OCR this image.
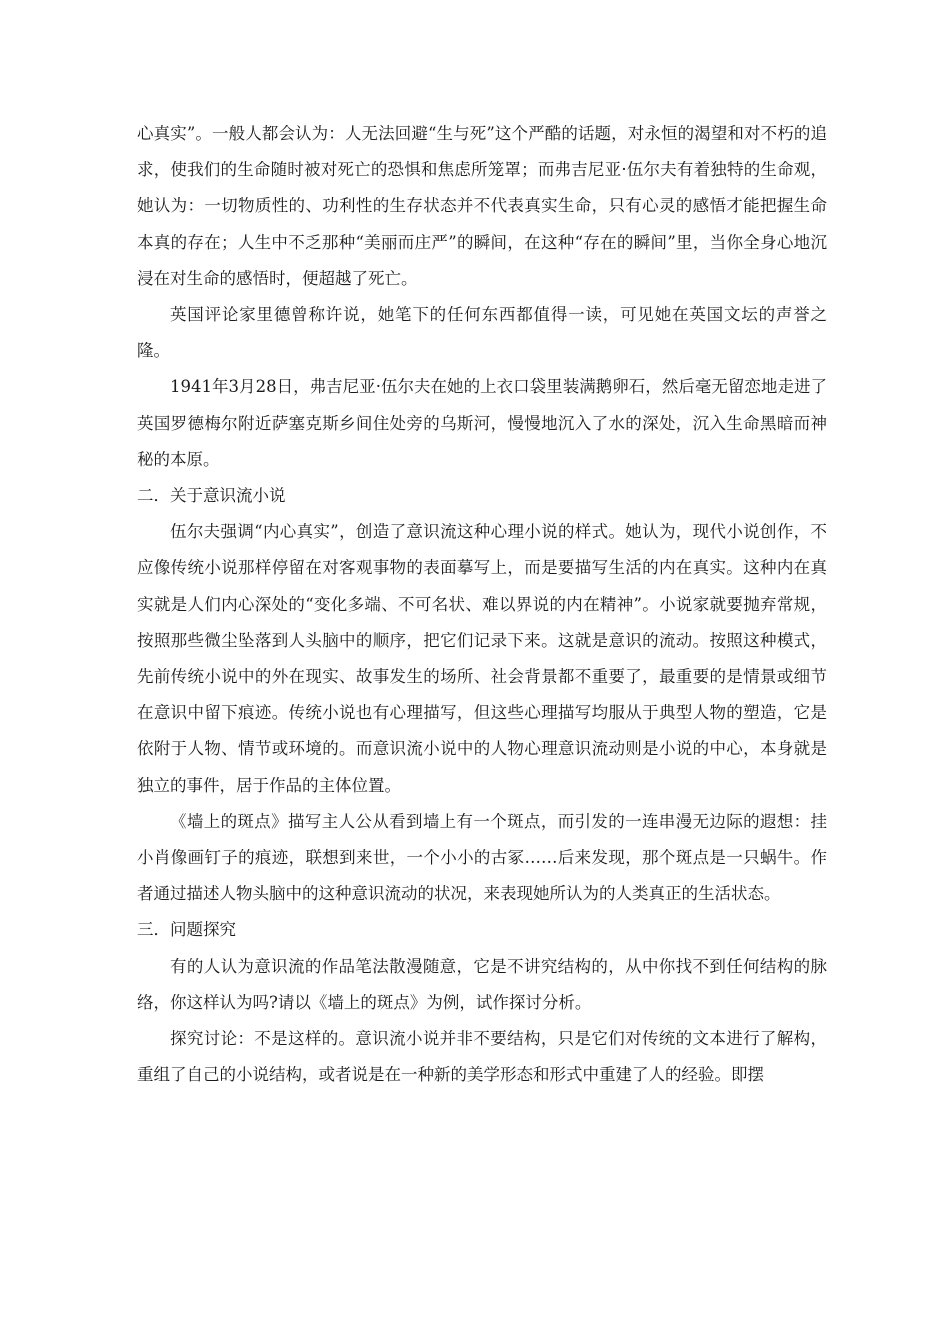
心真实”。一般人都会认为：人无法回避“生与死”这个严酷的话题，对永恒的渴望和对不朽的追求，使我们的生命随时被对死亡的恐惧和焦虑所笼罩；而弗吉尼亚·伍尔夫有着独特的生命观，她认为：一切物质性的、功利性的生存状态并不代表真实生命，只有心灵的感悟才能把握生命本真的存在；人生中不乏那种“美丽而庄严”的瞬间，在这种“存在的瞬间”里，当你全身心地沉浸在对生命的感悟时，便超越了死亡。

英国评论家里德曾称许说，她笔下的任何东西都值得一读，可见她在英国文坛的声誉之隆。

1941年3月28日，弗吉尼亚·伍尔夫在她的上衣口袋里装满鹅卵石，然后毫无留恋地走进了英国罗德梅尔附近萨塞克斯乡间住处旁的乌斯河，慢慢地沉入了水的深处，沉入生命黑暗而神秘的本原。

二．关于意识流小说

伍尔夫强调“内心真实”，创造了意识流这种心理小说的样式。她认为，现代小说创作，不应像传统小说那样停留在对客观事物的表面摹写上，而是要描写生活的内在真实。这种内在真实就是人们内心深处的“变化多端、不可名状、难以界说的内在精神”。小说家就要抛弃常规，按照那些微尘坠落到人头脑中的顺序，把它们记录下来。这就是意识的流动。按照这种模式，先前传统小说中的外在现实、故事发生的场所、社会背景都不重要了，最重要的是情景或细节在意识中留下痕迹。传统小说也有心理描写，但这些心理描写均服从于典型人物的塑造，它是依附于人物、情节或环境的。而意识流小说中的人物心理意识流动则是小说的中心，本身就是独立的事件，居于作品的主体位置。

《墙上的斑点》描写主人公从看到墙上有一个斑点，而引发的一连串漫无边际的遐想：挂小肖像画钉子的痕迹，联想到来世，一个小小的古冢……后来发现，那个斑点是一只蜗牛。作者通过描述人物头脑中的这种意识流动的状况，来表现她所认为的人类真正的生活状态。

三．问题探究

有的人认为意识流的作品笔法散漫随意，它是不讲究结构的，从中你找不到任何结构的脉络，你这样认为吗?请以《墙上的斑点》为例，试作探讨分析。

探究讨论：不是这样的。意识流小说并非不要结构，只是它们对传统的文本进行了解构，重组了自己的小说结构，或者说是在一种新的美学形态和形式中重建了人的经验。即摆
